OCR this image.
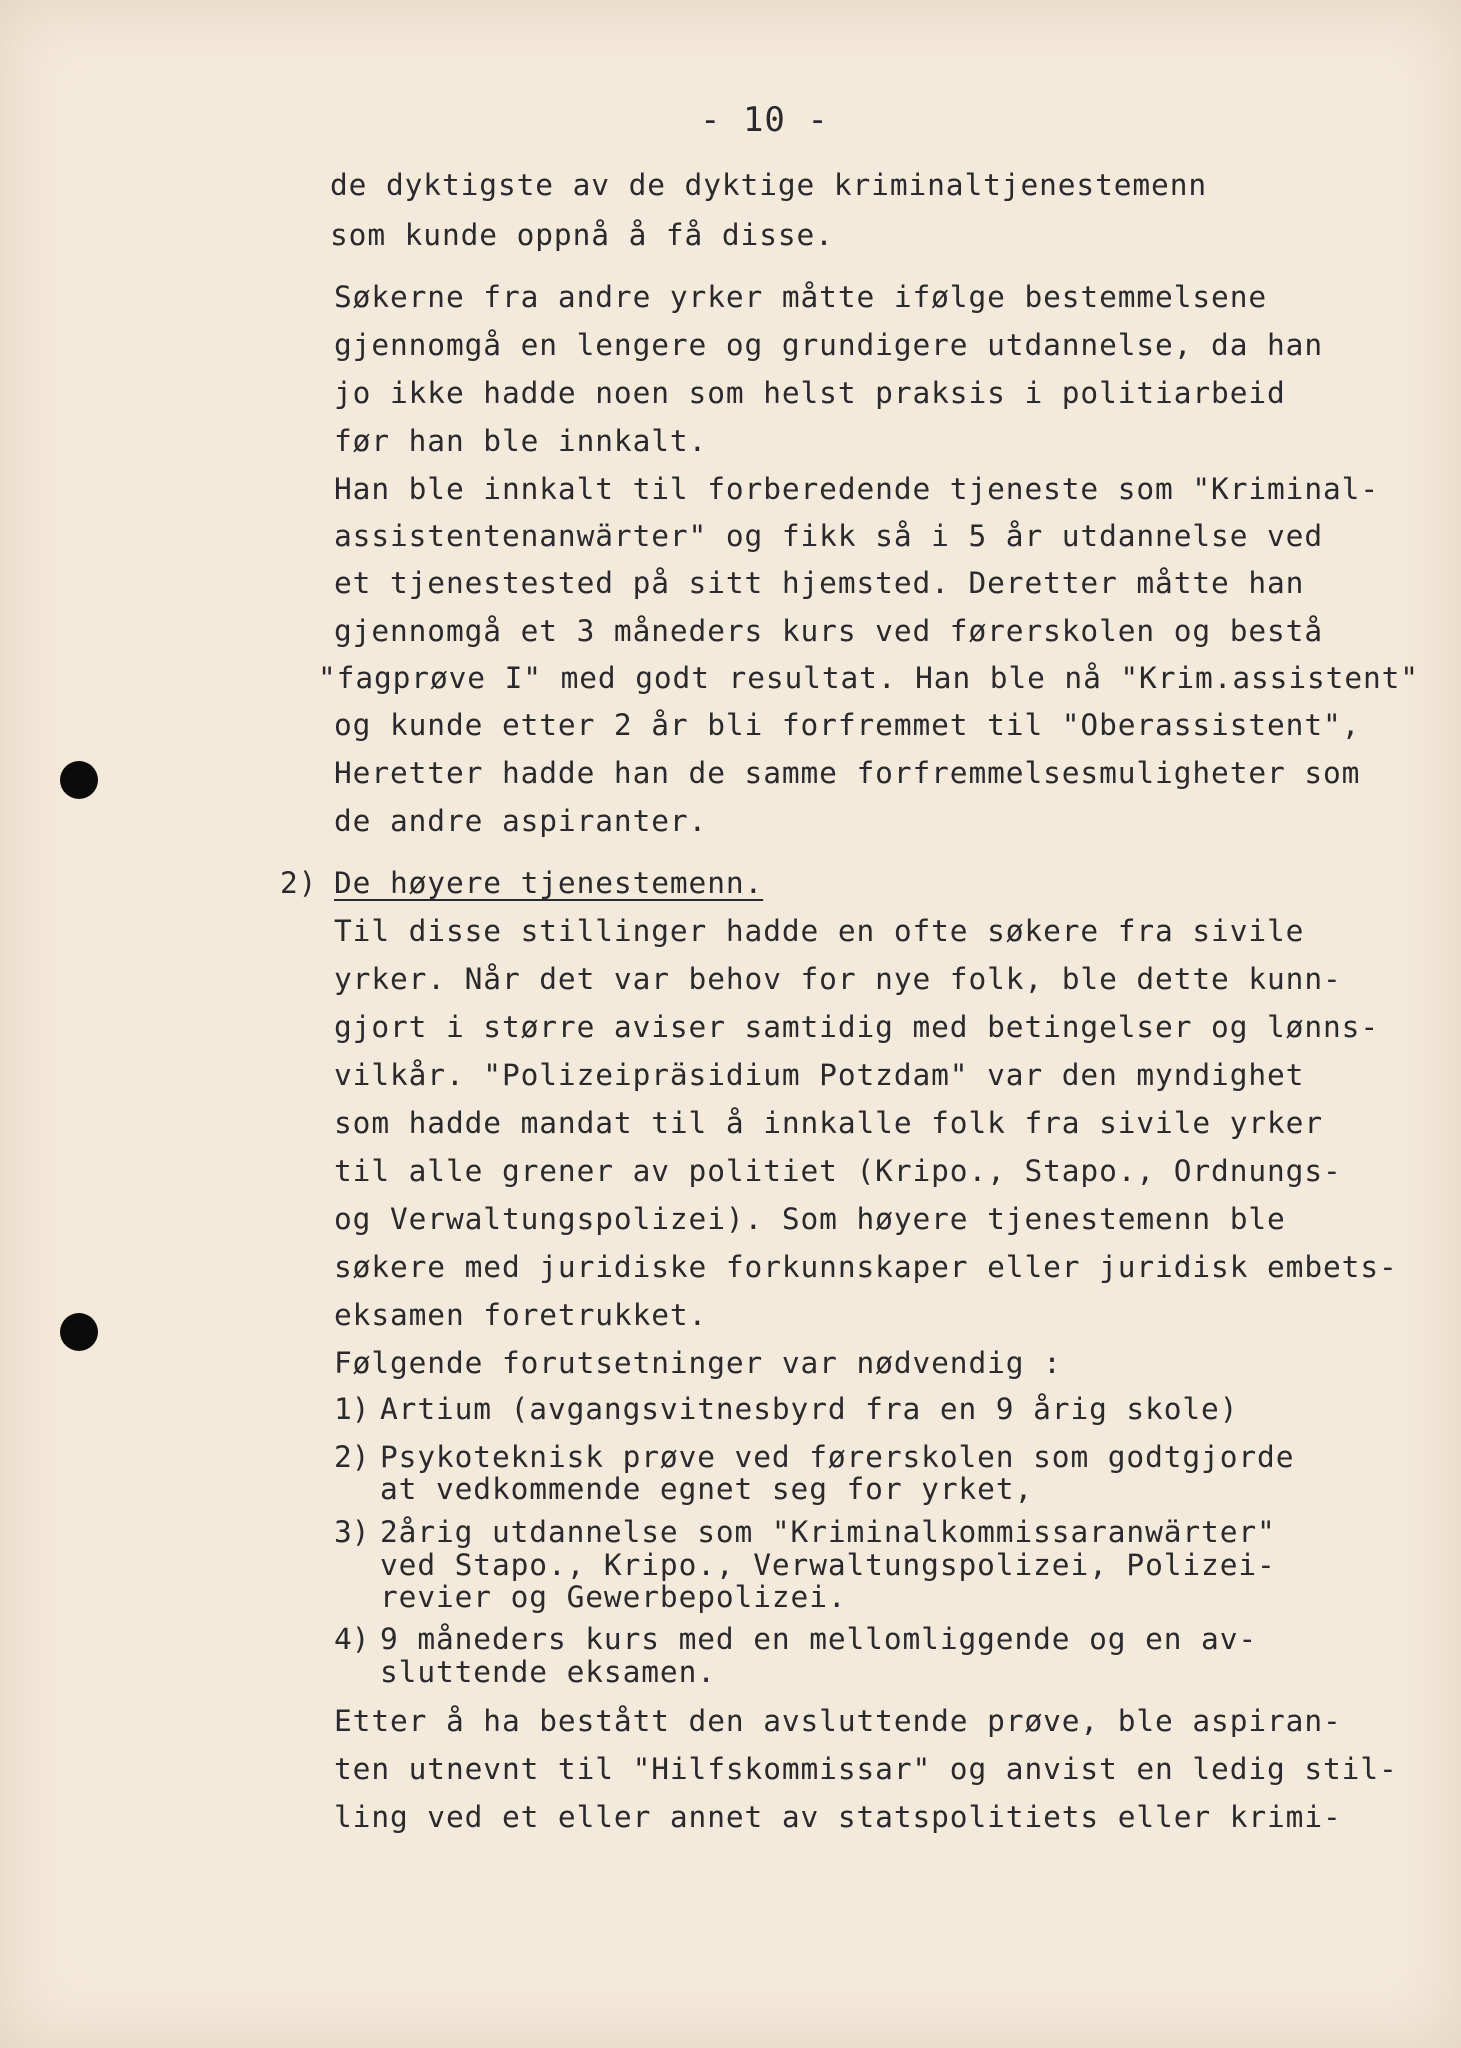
- 10 -
de dyktigste av de dyktige kriminaltjenestemenn
som kunde oppnå å få disse.
Søkerne fra andre yrker måtte ifølge bestemmelsene
gjennomgå en lengere og grundigere utdannelse, da han
jo ikke hadde noen som helst praksis i politiarbeid
før han ble innkalt.
Han ble innkalt til forberedende tjeneste som "Kriminal-
assistentenanwärter" og fikk så i 5 år utdannelse ved
et tjenestested på sitt hjemsted. Deretter måtte han
gjennomgå et 3 måneders kurs ved førerskolen og bestå
"fagprøve I" med godt resultat. Han ble nå "Krim.assistent"
og kunde etter 2 år bli forfremmet til "Oberassistent",
Heretter hadde han de samme forfremmelsesmuligheter som
de andre aspiranter.
2) De høyere tjenestemenn.
Til disse stillinger hadde en ofte søkere fra sivile
yrker. Når det var behov for nye folk, ble dette kunn-
gjort i større aviser samtidig med betingelser og lønns-
vilkår. "Polizeipräsidium Potzdam" var den myndighet
som hadde mandat til å innkalle folk fra sivile yrker
til alle grener av politiet (Kripo., Stapo., Ordnungs-
og Verwaltungspolizei). Som høyere tjenestemenn ble
søkere med juridiske forkunnskaper eller juridisk embets-
eksamen foretrukket.
Følgende forutsetninger var nødvendig :
1) Artium (avgangsvitnesbyrd fra en 9 årig skole)
2) Psykoteknisk prøve ved førerskolen som godtgjorde
at vedkommende egnet seg for yrket,
3) 2årig utdannelse som "Kriminalkommissaranwärter"
ved Stapo., Kripo., Verwaltungspolizei, Polizei-
revier og Gewerbepolizei.
4) 9 måneders kurs med en mellomliggende og en av-
sluttende eksamen.
Etter å ha bestått den avsluttende prøve, ble aspiran-
ten utnevnt til "Hilfskommissar" og anvist en ledig stil-
ling ved et eller annet av statspolitiets eller krimi-
